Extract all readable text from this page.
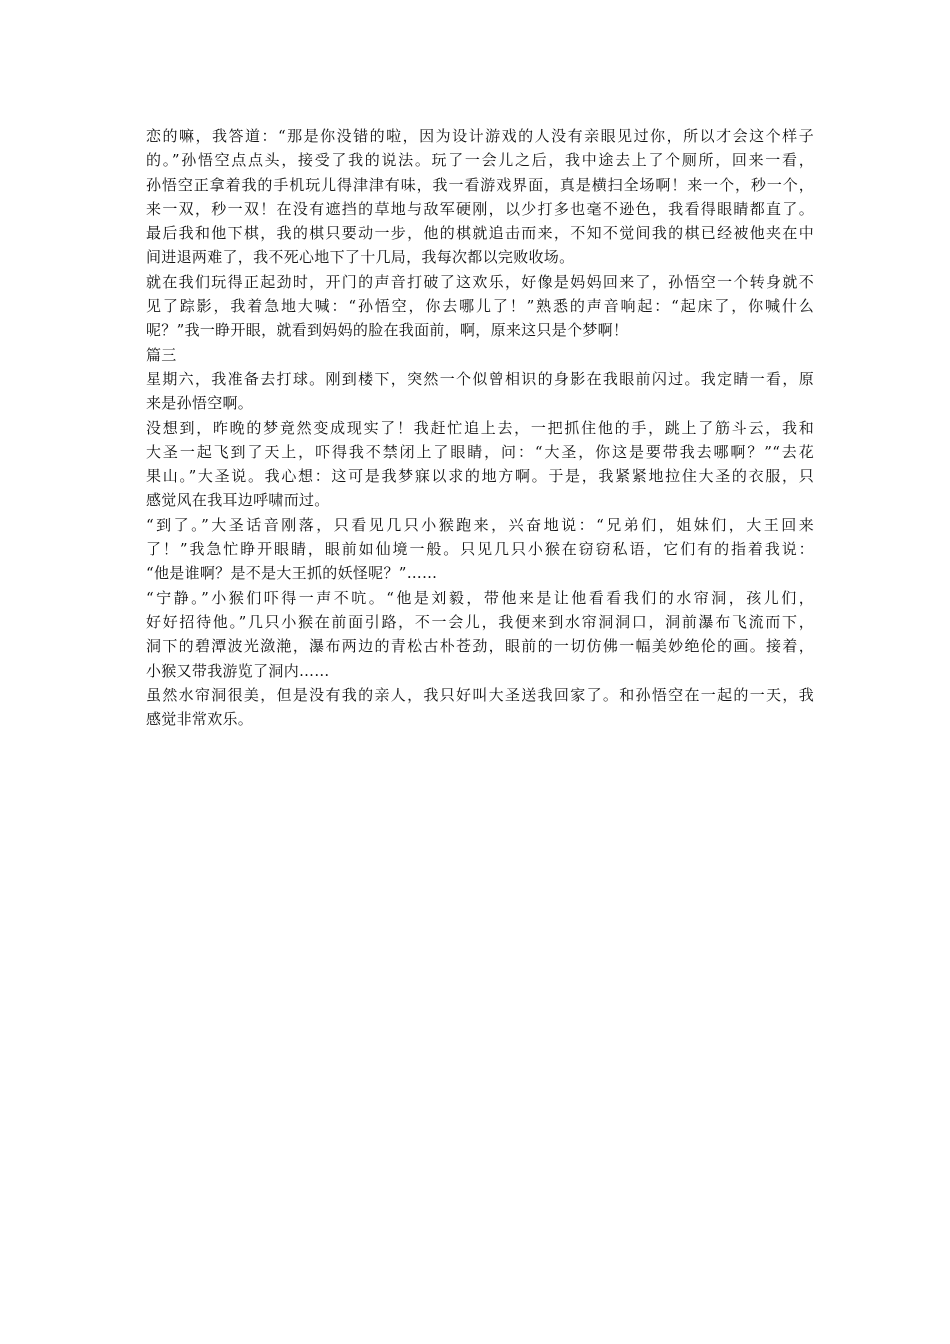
恋的嘛，我答道：“那是你没错的啦，因为设计游戏的人没有亲眼见过你，所以才会这个样子
的。”孙悟空点点头，接受了我的说法。玩了一会儿之后，我中途去上了个厕所，回来一看，
孙悟空正拿着我的手机玩儿得津津有味，我一看游戏界面，真是横扫全场啊！来一个，秒一个，
来一双，秒一双！在没有遮挡的草地与敌军硬刚，以少打多也毫不逊色，我看得眼睛都直了。
最后我和他下棋，我的棋只要动一步，他的棋就追击而来，不知不觉间我的棋已经被他夹在中
间进退两难了，我不死心地下了十几局，我每次都以完败收场。
就在我们玩得正起劲时，开门的声音打破了这欢乐，好像是妈妈回来了，孙悟空一个转身就不
见了踪影，我着急地大喊：“孙悟空，你去哪儿了！”熟悉的声音响起：“起床了，你喊什么
呢？”我一睁开眼，就看到妈妈的脸在我面前，啊，原来这只是个梦啊！
篇三
星期六，我准备去打球。刚到楼下，突然一个似曾相识的身影在我眼前闪过。我定睛一看，原
来是孙悟空啊。
没想到，昨晚的梦竟然变成现实了！我赶忙追上去，一把抓住他的手，跳上了筋斗云，我和
大圣一起飞到了天上，吓得我不禁闭上了眼睛，问：“大圣，你这是要带我去哪啊？”“去花
果山。”大圣说。我心想：这可是我梦寐以求的地方啊。于是，我紧紧地拉住大圣的衣服，只
感觉风在我耳边呼啸而过。
“到了。”大圣话音刚落，只看见几只小猴跑来，兴奋地说：“兄弟们，姐妹们，大王回来
了！”我急忙睁开眼睛，眼前如仙境一般。只见几只小猴在窃窃私语，它们有的指着我说：
“他是谁啊？是不是大王抓的妖怪呢？”……
“宁静。”小猴们吓得一声不吭。“他是刘毅，带他来是让他看看我们的水帘洞，孩儿们，
好好招待他。”几只小猴在前面引路，不一会儿，我便来到水帘洞洞口，洞前瀑布飞流而下，
洞下的碧潭波光潋滟，瀑布两边的青松古朴苍劲，眼前的一切仿佛一幅美妙绝伦的画。接着，
小猴又带我游览了洞内……
虽然水帘洞很美，但是没有我的亲人，我只好叫大圣送我回家了。和孙悟空在一起的一天，我
感觉非常欢乐。
